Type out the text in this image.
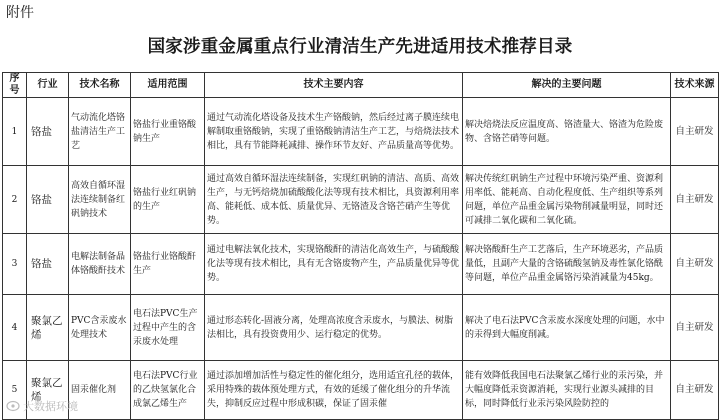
附件
国家涉重金属重点行业清洁生产先进适用技术推荐目录
序号	行业	技术名称	适用范围	技术主要内容	解决的主要问题	技术来源
1	铬盐	气动流化塔铬盐清洁生产工艺	铬盐行业重铬酸钠生产	通过气动流化塔设备及技术生产铬酸钠，然后经过离子膜连续电解制取重铬酸钠，实现了重铬酸钠清洁生产工艺，与焙烧法技术相比，具有节能降耗减排、操作环节友好、产品质量高等优势。	解决焙烧法反应温度高、铬渣量大、铬渣为危险废物、含铬芒硝等问题。	自主研发
2	铬盐	高效自循环湿法连续制备红矾钠技术	铬盐行业红矾钠的生产	通过高效自循环湿法连续制备，实现红矾钠的清洁、高质、高效生产，与无钙焙烧加硫酸酸化法等现有技术相比，具资源利用率高、能耗低、成本低、质量优异、无铬渣及含铬芒硝产生等优势。	解决传统红矾钠生产过程中环境污染严重、资源利用率低、能耗高、自动化程度低、生产组织等系列问题，单位产品重金属污染物削减量明显，同时还可减排二氧化碳和二氧化硫。	自主研发
3	铬盐	电解法制备晶体铬酸酐技术	铬盐行业铬酸酐生产	通过电解法氧化技术，实现铬酸酐的清洁化高效生产，与硫酸酸化法等现有技术相比，具有无含铬废物产生，产品质量优异等优势。	解决铬酸酐生产工艺落后，生产环境恶劣，产品质量低，且副产大量的含铬硫酸氢钠及毒性氯化铬酰等问题，单位产品重金属铬污染消减量为45kg。	自主研发
4	聚氯乙烯	PVC含汞废水处理技术	电石法PVC生产过程中产生的含汞废水处理	通过形态转化-固液分离，处理高浓度含汞废水，与膜法、树脂法相比，具有投资费用少、运行稳定的优势。	解决了电石法PVC含汞废水深度处理的问题，水中的汞得到大幅度削减。	自主研发
5	聚氯乙烯	固汞催化剂	电石法PVC行业的乙炔氢氯化合成氯乙烯生产	通过添加增加活性与稳定性的催化组分，选用适宜孔径的载体，采用特殊的载体预处理方式，有效的延缓了催化组分的升华流失，抑制反应过程中形成积碳，保证了固汞催	能有效降低我国电石法聚氯乙烯行业的汞污染，并大幅度降低汞资源消耗，实现行业源头减排的目标，同时降低行业汞污染风险防控的	自主研发
大数据环境
